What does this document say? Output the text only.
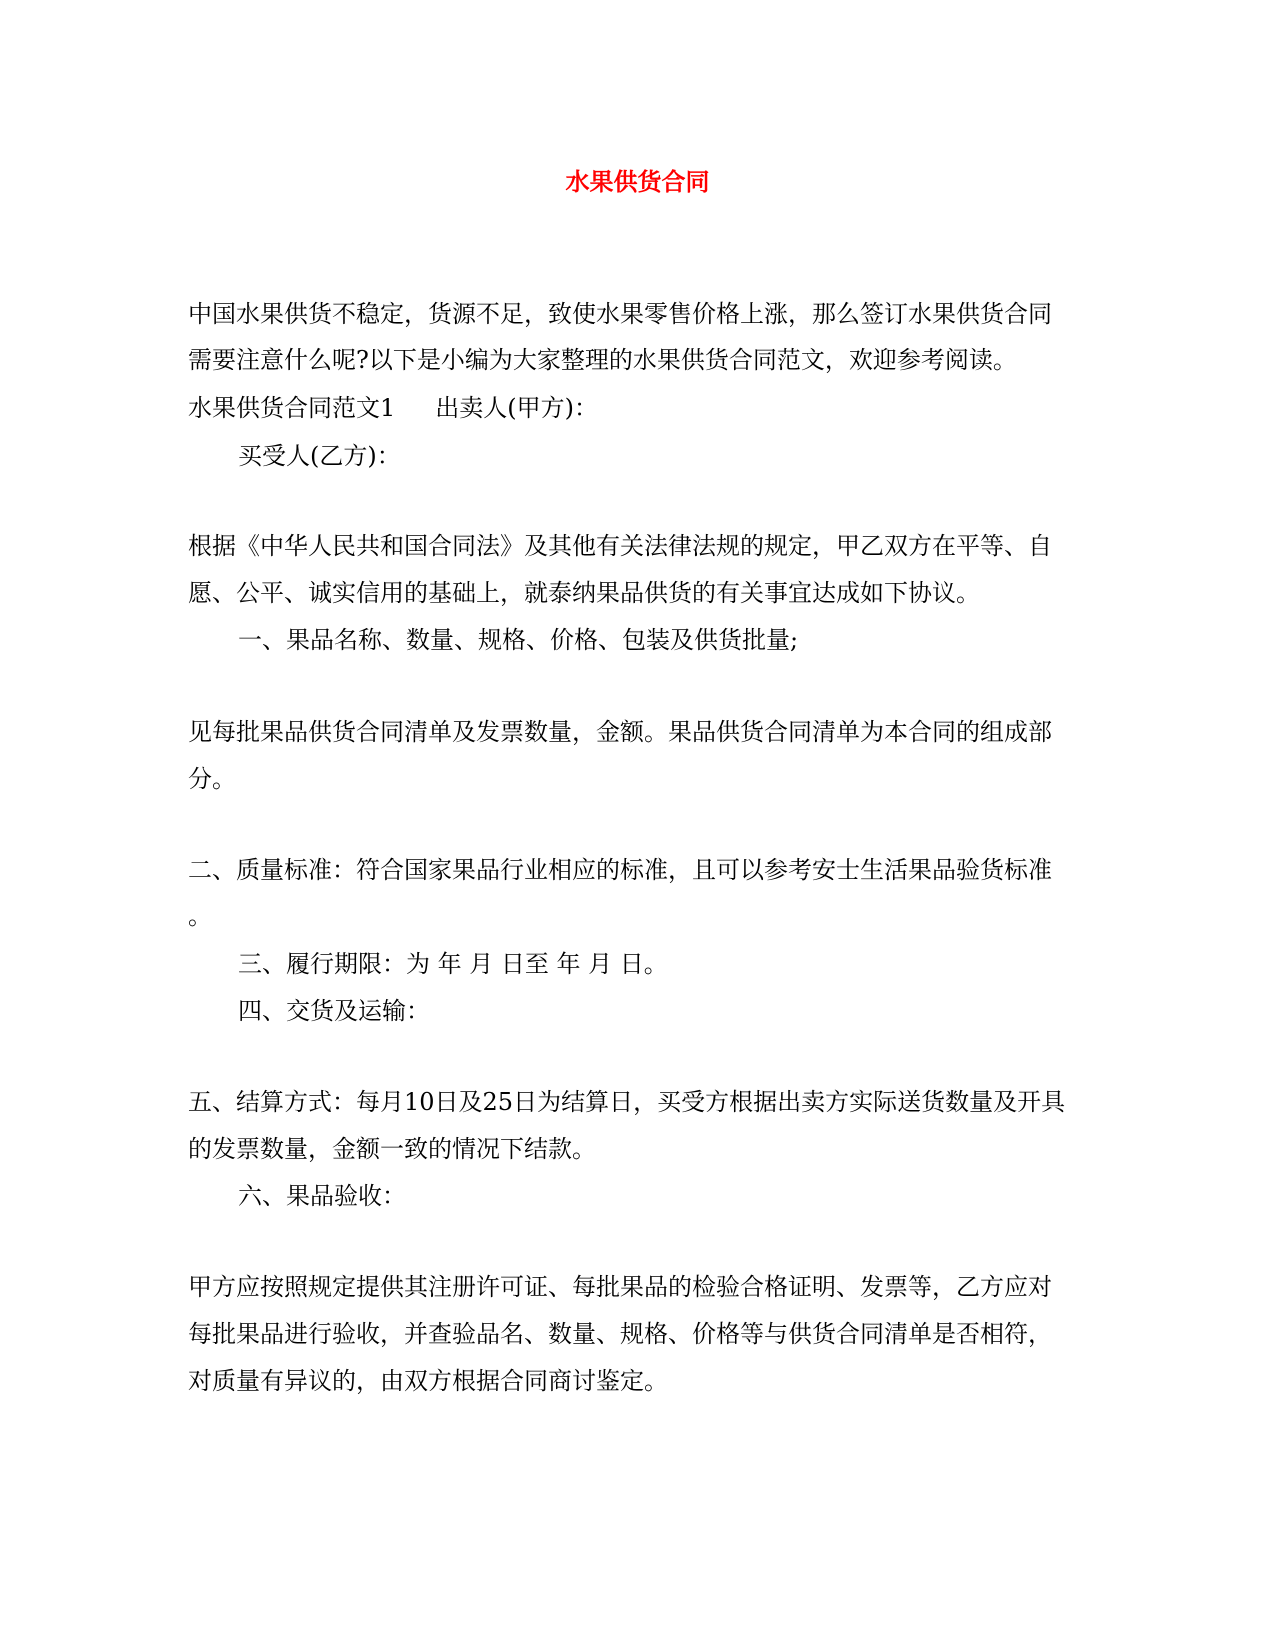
水果供货合同
中国水果供货不稳定，货源不足，致使水果零售价格上涨，那么签订水果供货合同
需要注意什么呢?以下是小编为大家整理的水果供货合同范文，欢迎参考阅读。
水果供货合同范文1 出卖人(甲方)：
买受人(乙方)：
根据《中华人民共和国合同法》及其他有关法律法规的规定，甲乙双方在平等、自
愿、公平、诚实信用的基础上，就泰纳果品供货的有关事宜达成如下协议。
一、果品名称、数量、规格、价格、包装及供货批量;
见每批果品供货合同清单及发票数量，金额。果品供货合同清单为本合同的组成部
分。
二、质量标准：符合国家果品行业相应的标准，且可以参考安士生活果品验货标准
。
三、履行期限：为 年 月 日至 年 月 日。
四、交货及运输：
五、结算方式：每月10日及25日为结算日，买受方根据出卖方实际送货数量及开具
的发票数量，金额一致的情况下结款。
六、果品验收：
甲方应按照规定提供其注册许可证、每批果品的检验合格证明、发票等，乙方应对
每批果品进行验收，并查验品名、数量、规格、价格等与供货合同清单是否相符，
对质量有异议的，由双方根据合同商讨鉴定。
